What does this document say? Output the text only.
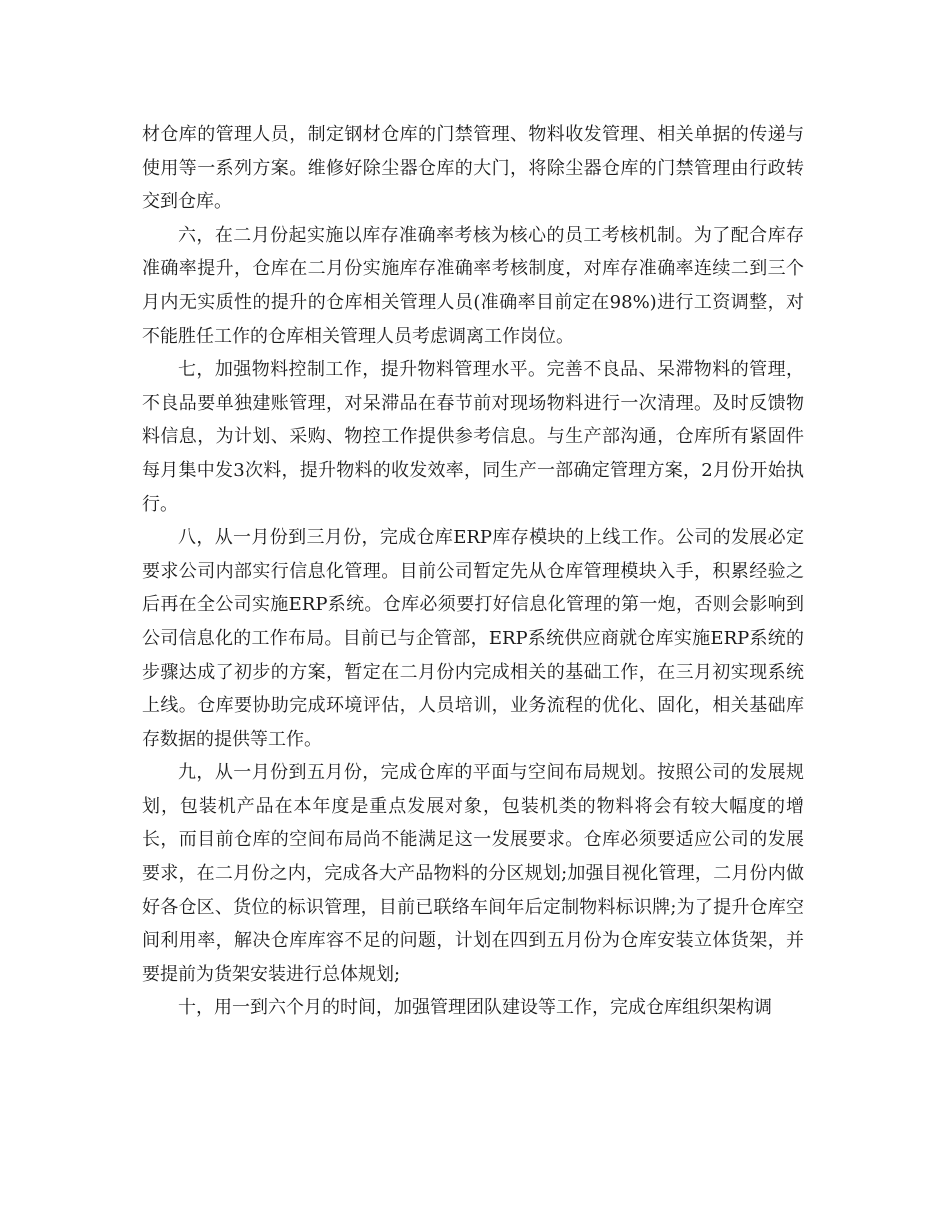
材仓库的管理人员，制定钢材仓库的门禁管理、物料收发管理、相关单据的传递与使用等一系列方案。维修好除尘器仓库的大门，将除尘器仓库的门禁管理由行政转交到仓库。

六，在二月份起实施以库存准确率考核为核心的员工考核机制。为了配合库存准确率提升，仓库在二月份实施库存准确率考核制度，对库存准确率连续二到三个月内无实质性的提升的仓库相关管理人员(准确率目前定在98%)进行工资调整，对不能胜任工作的仓库相关管理人员考虑调离工作岗位。

七，加强物料控制工作，提升物料管理水平。完善不良品、呆滞物料的管理，不良品要单独建账管理，对呆滞品在春节前对现场物料进行一次清理。及时反馈物料信息，为计划、采购、物控工作提供参考信息。与生产部沟通，仓库所有紧固件每月集中发3次料，提升物料的收发效率，同生产一部确定管理方案，2月份开始执行。

八，从一月份到三月份，完成仓库ERP库存模块的上线工作。公司的发展必定要求公司内部实行信息化管理。目前公司暂定先从仓库管理模块入手，积累经验之后再在全公司实施ERP系统。仓库必须要打好信息化管理的第一炮，否则会影响到公司信息化的工作布局。目前已与企管部，ERP系统供应商就仓库实施ERP系统的步骤达成了初步的方案，暂定在二月份内完成相关的基础工作，在三月初实现系统上线。仓库要协助完成环境评估，人员培训，业务流程的优化、固化，相关基础库存数据的提供等工作。

九，从一月份到五月份，完成仓库的平面与空间布局规划。按照公司的发展规划，包装机产品在本年度是重点发展对象，包装机类的物料将会有较大幅度的增长，而目前仓库的空间布局尚不能满足这一发展要求。仓库必须要适应公司的发展要求，在二月份之内，完成各大产品物料的分区规划;加强目视化管理，二月份内做好各仓区、货位的标识管理，目前已联络车间年后定制物料标识牌;为了提升仓库空间利用率，解决仓库库容不足的问题，计划在四到五月份为仓库安装立体货架，并要提前为货架安装进行总体规划;

十，用一到六个月的时间，加强管理团队建设等工作，完成仓库组织架构调
